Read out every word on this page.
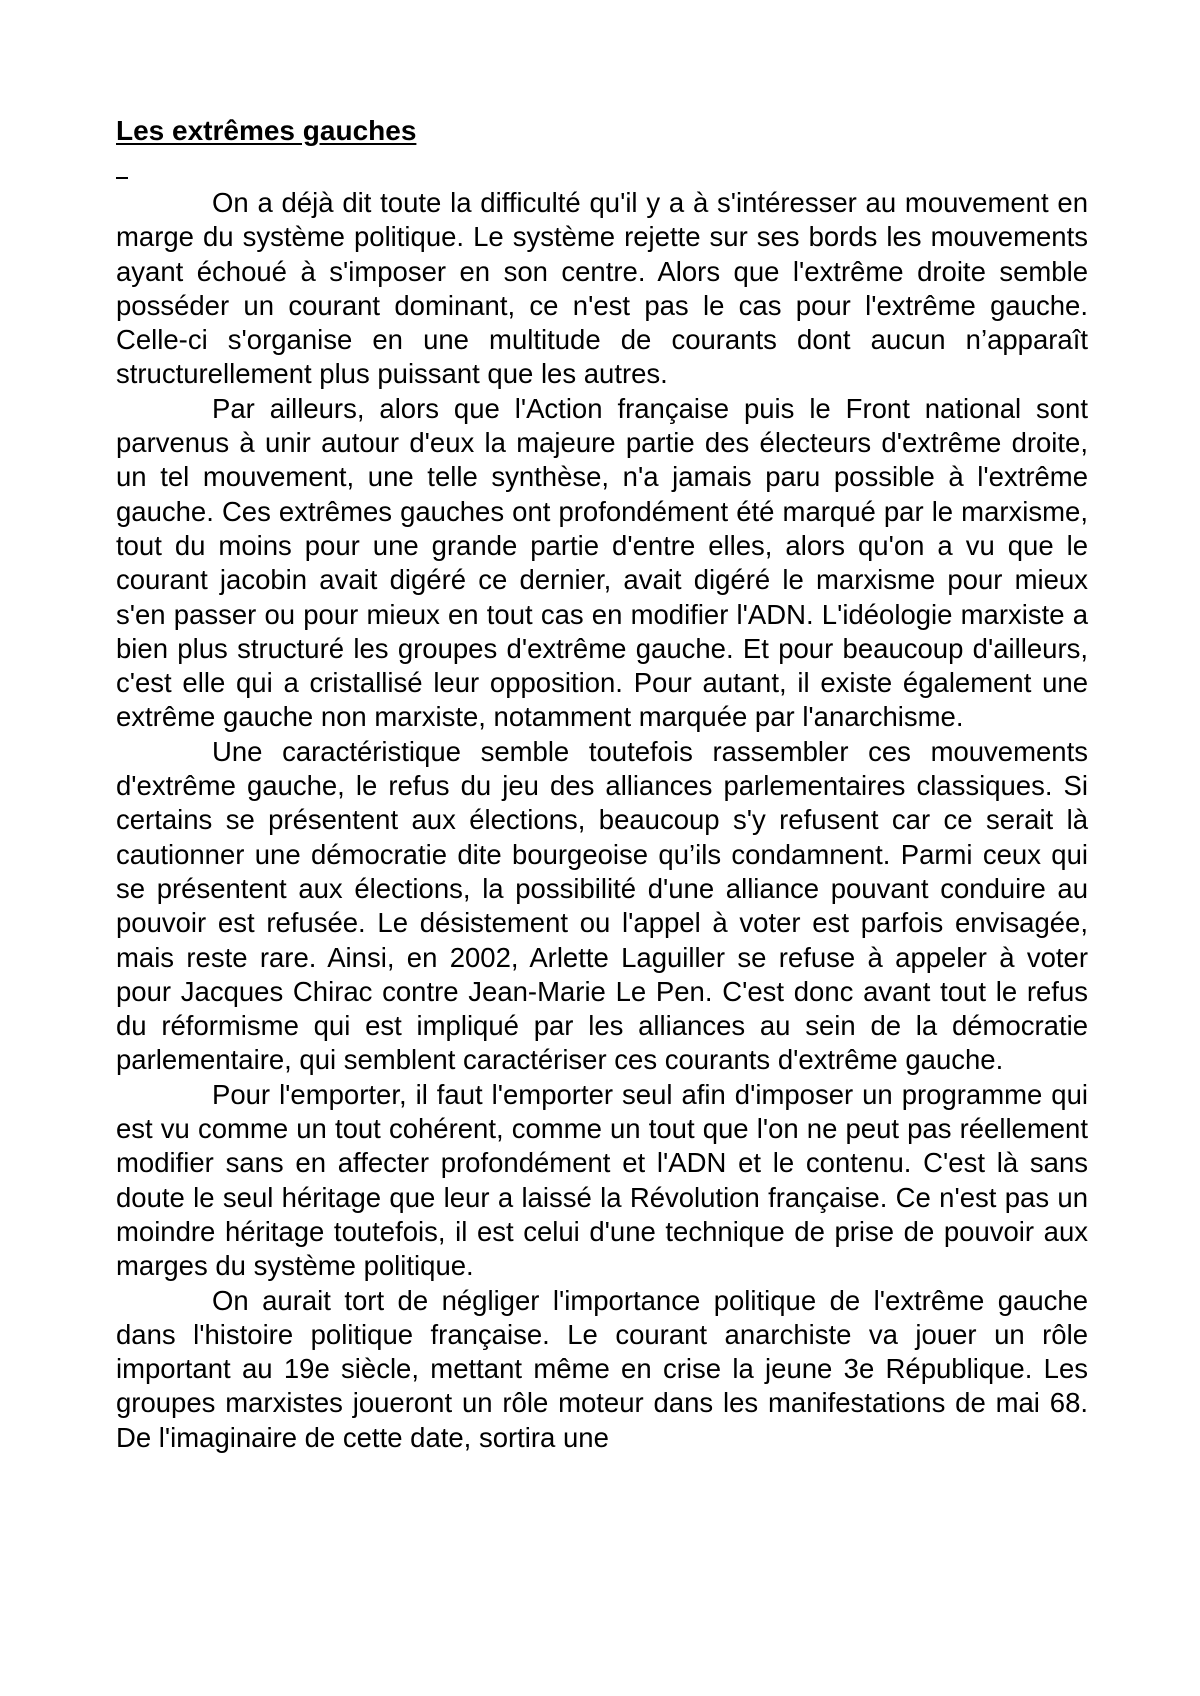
Les extrêmes gauches

On a déjà dit toute la difficulté qu'il y a à s'intéresser au mouvement en marge du système politique. Le système rejette sur ses bords les mouvements ayant échoué à s'imposer en son centre. Alors que l'extrême droite semble posséder un courant dominant, ce n'est pas le cas pour l'extrême gauche. Celle-ci s'organise en une multitude de courants dont aucun n’apparaît structurellement plus puissant que les autres.

Par ailleurs, alors que l'Action française puis le Front national sont parvenus à unir autour d'eux la majeure partie des électeurs d'extrême droite, un tel mouvement, une telle synthèse, n'a jamais paru possible à l'extrême gauche. Ces extrêmes gauches ont profondément été marqué par le marxisme, tout du moins pour une grande partie d'entre elles, alors qu'on a vu que le courant jacobin avait digéré ce dernier, avait digéré le marxisme pour mieux s'en passer ou pour mieux en tout cas en modifier l'ADN. L'idéologie marxiste a bien plus structuré les groupes d'extrême gauche. Et pour beaucoup d'ailleurs, c'est elle qui a cristallisé leur opposition. Pour autant, il existe également une extrême gauche non marxiste, notamment marquée par l'anarchisme.

Une caractéristique semble toutefois rassembler ces mouvements d'extrême gauche, le refus du jeu des alliances parlementaires classiques. Si certains se présentent aux élections, beaucoup s'y refusent car ce serait là cautionner une démocratie dite bourgeoise qu’ils condamnent. Parmi ceux qui se présentent aux élections, la possibilité d'une alliance pouvant conduire au pouvoir est refusée. Le désistement ou l'appel à voter est parfois envisagée, mais reste rare. Ainsi, en 2002, Arlette Laguiller se refuse à appeler à voter pour Jacques Chirac contre Jean-Marie Le Pen. C'est donc avant tout le refus du réformisme qui est impliqué par les alliances au sein de la démocratie parlementaire, qui semblent caractériser ces courants d'extrême gauche.

Pour l'emporter, il faut l'emporter seul afin d'imposer un programme qui est vu comme un tout cohérent, comme un tout que l'on ne peut pas réellement modifier sans en affecter profondément et l'ADN et le contenu. C'est là sans doute le seul héritage que leur a laissé la Révolution française. Ce n'est pas un moindre héritage toutefois, il est celui d'une technique de prise de pouvoir aux marges du système politique.

On aurait tort de négliger l'importance politique de l'extrême gauche dans l'histoire politique française. Le courant anarchiste va jouer un rôle important au 19e siècle, mettant même en crise la jeune 3e République. Les groupes marxistes joueront un rôle moteur dans les manifestations de mai 68. De l'imaginaire de cette date, sortira une
